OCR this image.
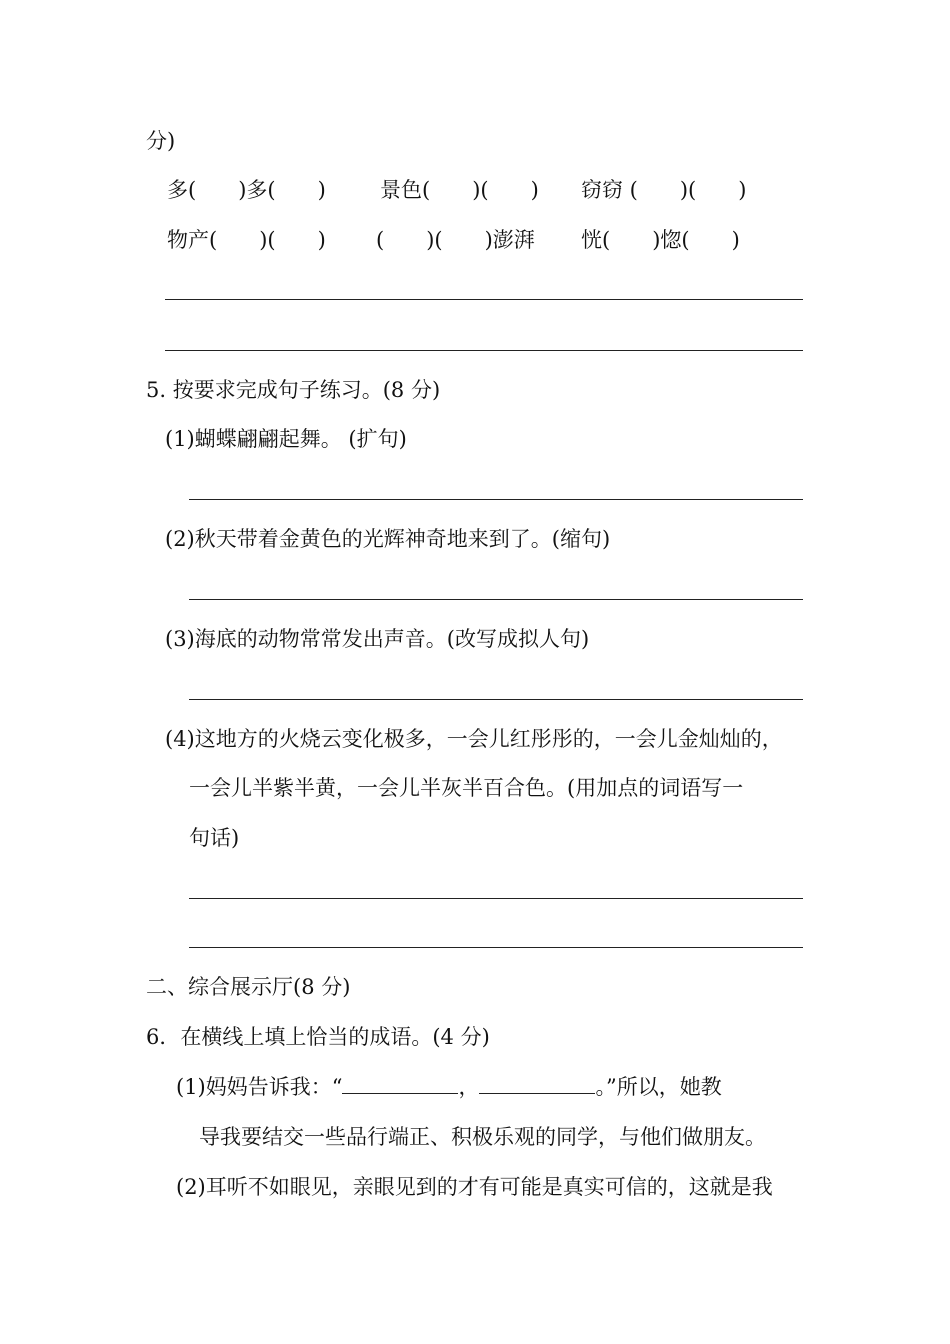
分)
多(　　)多(　　)	景色(　　)(　　) 窃窃 (　　)(　　)
物产(　　)(　　) (　　)(　　)澎湃 恍(　　)惚(　　)
5. 按要求完成句子练习。(8 分)
(1)蝴蝶翩翩起舞。 (扩句)
(2)秋天带着金黄色的光辉神奇地来到了。(缩句)
(3)海底的动物常常发出声音。(改写成拟人句)
(4)这地方的火烧云变化极多，一会儿红彤彤的，一会儿金灿灿的，
一会儿半紫半黄，一会儿半灰半百合色。(用加点的词语写一
句话)
二、综合展示厅(8 分)
6．在横线上填上恰当的成语。(4 分)
(1)妈妈告诉我：“	，	。”所以，她教
导我要结交一些品行端正、积极乐观的同学，与他们做朋友。
(2)耳听不如眼见，亲眼见到的才有可能是真实可信的，这就是我
